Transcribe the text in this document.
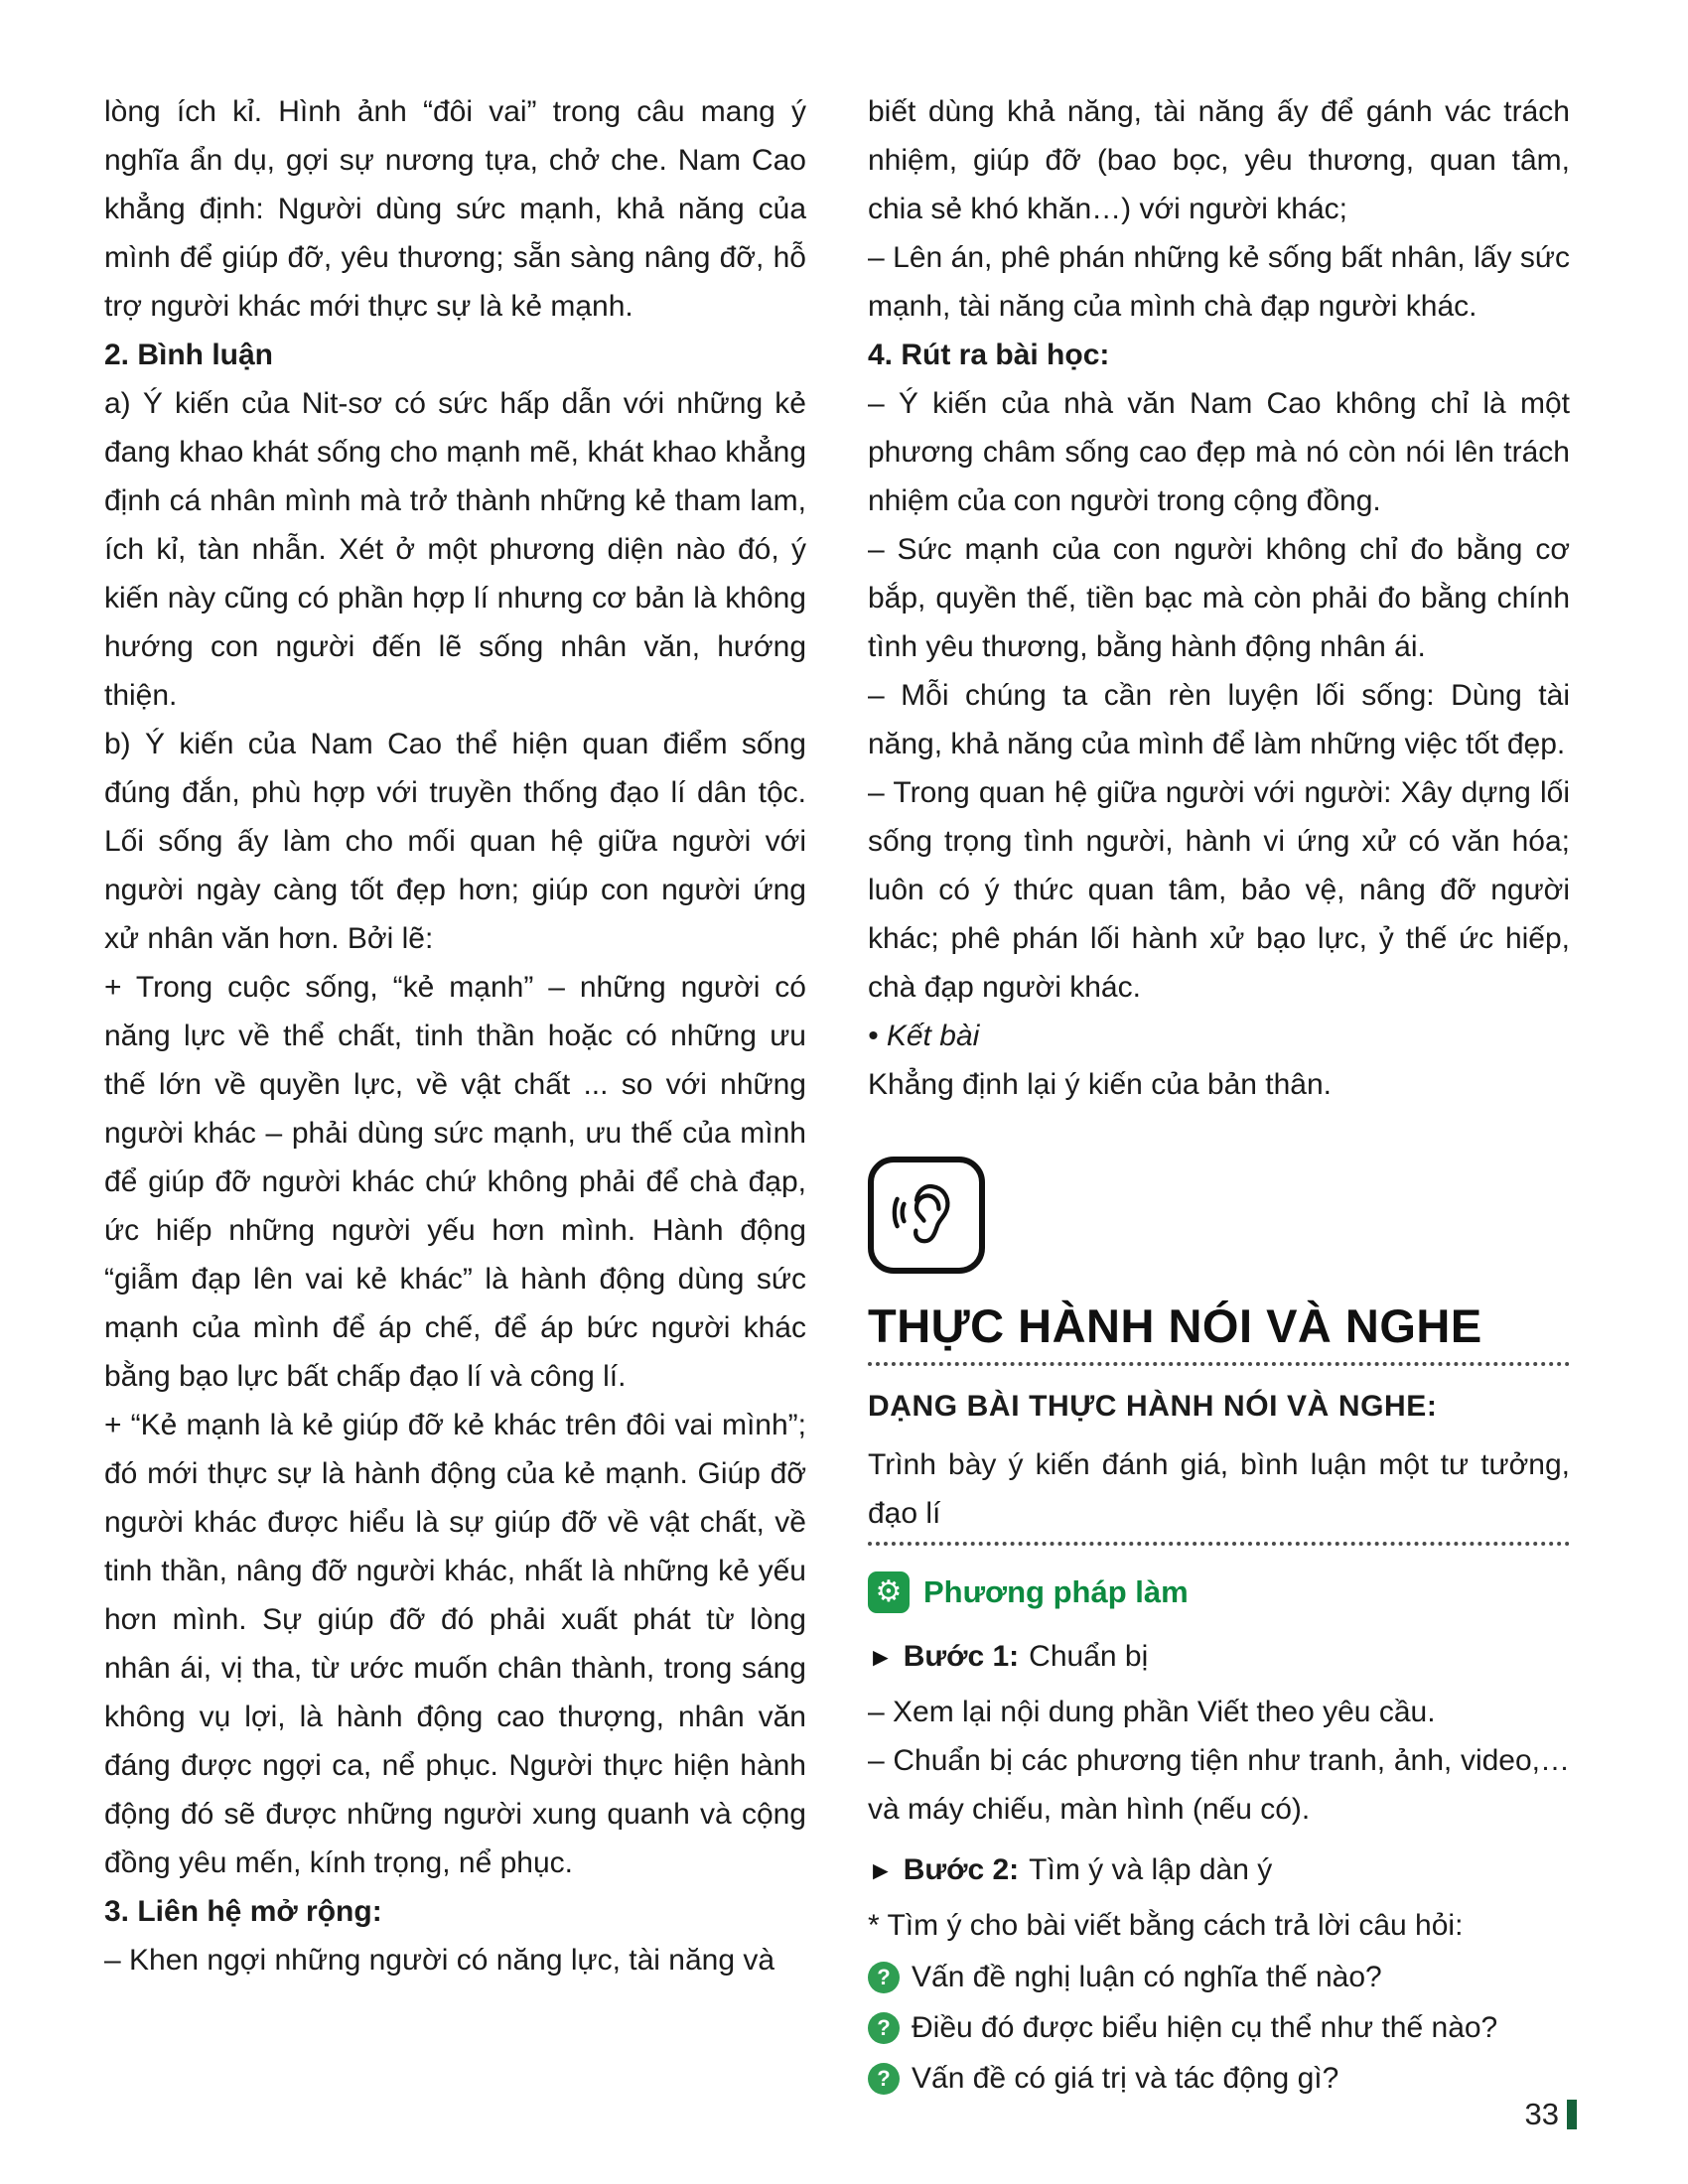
lòng ích kỉ. Hình ảnh “đôi vai” trong câu mang ý nghĩa ẩn dụ, gợi sự nương tựa, chở che. Nam Cao khẳng định: Người dùng sức mạnh, khả năng của mình để giúp đỡ, yêu thương; sẵn sàng nâng đỡ, hỗ trợ người khác mới thực sự là kẻ mạnh.

2. Bình luận

a) Ý kiến của Nit-sơ có sức hấp dẫn với những kẻ đang khao khát sống cho mạnh mẽ, khát khao khẳng định cá nhân mình mà trở thành những kẻ tham lam, ích kỉ, tàn nhẫn. Xét ở một phương diện nào đó, ý kiến này cũng có phần hợp lí nhưng cơ bản là không hướng con người đến lẽ sống nhân văn, hướng thiện.

b) Ý kiến của Nam Cao thể hiện quan điểm sống đúng đắn, phù hợp với truyền thống đạo lí dân tộc. Lối sống ấy làm cho mối quan hệ giữa người với người ngày càng tốt đẹp hơn; giúp con người ứng xử nhân văn hơn. Bởi lẽ:

+ Trong cuộc sống, “kẻ mạnh” – những người có năng lực về thể chất, tinh thần hoặc có những ưu thế lớn về quyền lực, về vật chất ... so với những người khác – phải dùng sức mạnh, ưu thế của mình để giúp đỡ người khác chứ không phải để chà đạp, ức hiếp những người yếu hơn mình. Hành động “giẫm đạp lên vai kẻ khác” là hành động dùng sức mạnh của mình để áp chế, để áp bức người khác bằng bạo lực bất chấp đạo lí và công lí.

+ “Kẻ mạnh là kẻ giúp đỡ kẻ khác trên đôi vai mình”; đó mới thực sự là hành động của kẻ mạnh. Giúp đỡ người khác được hiểu là sự giúp đỡ về vật chất, về tinh thần, nâng đỡ người khác, nhất là những kẻ yếu hơn mình. Sự giúp đỡ đó phải xuất phát từ lòng nhân ái, vị tha, từ ước muốn chân thành, trong sáng không vụ lợi, là hành động cao thượng, nhân văn đáng được ngợi ca, nể phục. Người thực hiện hành động đó sẽ được những người xung quanh và cộng đồng yêu mến, kính trọng, nể phục.

3. Liên hệ mở rộng:

– Khen ngợi những người có năng lực, tài năng và

biết dùng khả năng, tài năng ấy để gánh vác trách nhiệm, giúp đỡ (bao bọc, yêu thương, quan tâm, chia sẻ khó khăn…) với người khác;

– Lên án, phê phán những kẻ sống bất nhân, lấy sức mạnh, tài năng của mình chà đạp người khác.

4. Rút ra bài học:

– Ý kiến của nhà văn Nam Cao không chỉ là một phương châm sống cao đẹp mà nó còn nói lên trách nhiệm của con người trong cộng đồng.

– Sức mạnh của con người không chỉ đo bằng cơ bắp, quyền thế, tiền bạc mà còn phải đo bằng chính tình yêu thương, bằng hành động nhân ái.

– Mỗi chúng ta cần rèn luyện lối sống: Dùng tài năng, khả năng của mình để làm những việc tốt đẹp.

– Trong quan hệ giữa người với người: Xây dựng lối sống trọng tình người, hành vi ứng xử có văn hóa; luôn có ý thức quan tâm, bảo vệ, nâng đỡ người khác; phê phán lối hành xử bạo lực, ỷ thế ức hiếp, chà đạp người khác.

• Kết bài

Khẳng định lại ý kiến của bản thân.

THỰC HÀNH NÓI VÀ NGHE
DẠNG BÀI THỰC HÀNH NÓI VÀ NGHE:

Trình bày ý kiến đánh giá, bình luận một tư tưởng, đạo lí

⚙ Phương pháp làm
► Bước 1: Chuẩn bị

– Xem lại nội dung phần Viết theo yêu cầu.

– Chuẩn bị các phương tiện như tranh, ảnh, video,… và máy chiếu, màn hình (nếu có).

► Bước 2: Tìm ý và lập dàn ý

* Tìm ý cho bài viết bằng cách trả lời câu hỏi:

? Vấn đề nghị luận có nghĩa thế nào?
? Điều đó được biểu hiện cụ thể như thế nào?
? Vấn đề có giá trị và tác động gì?
33
